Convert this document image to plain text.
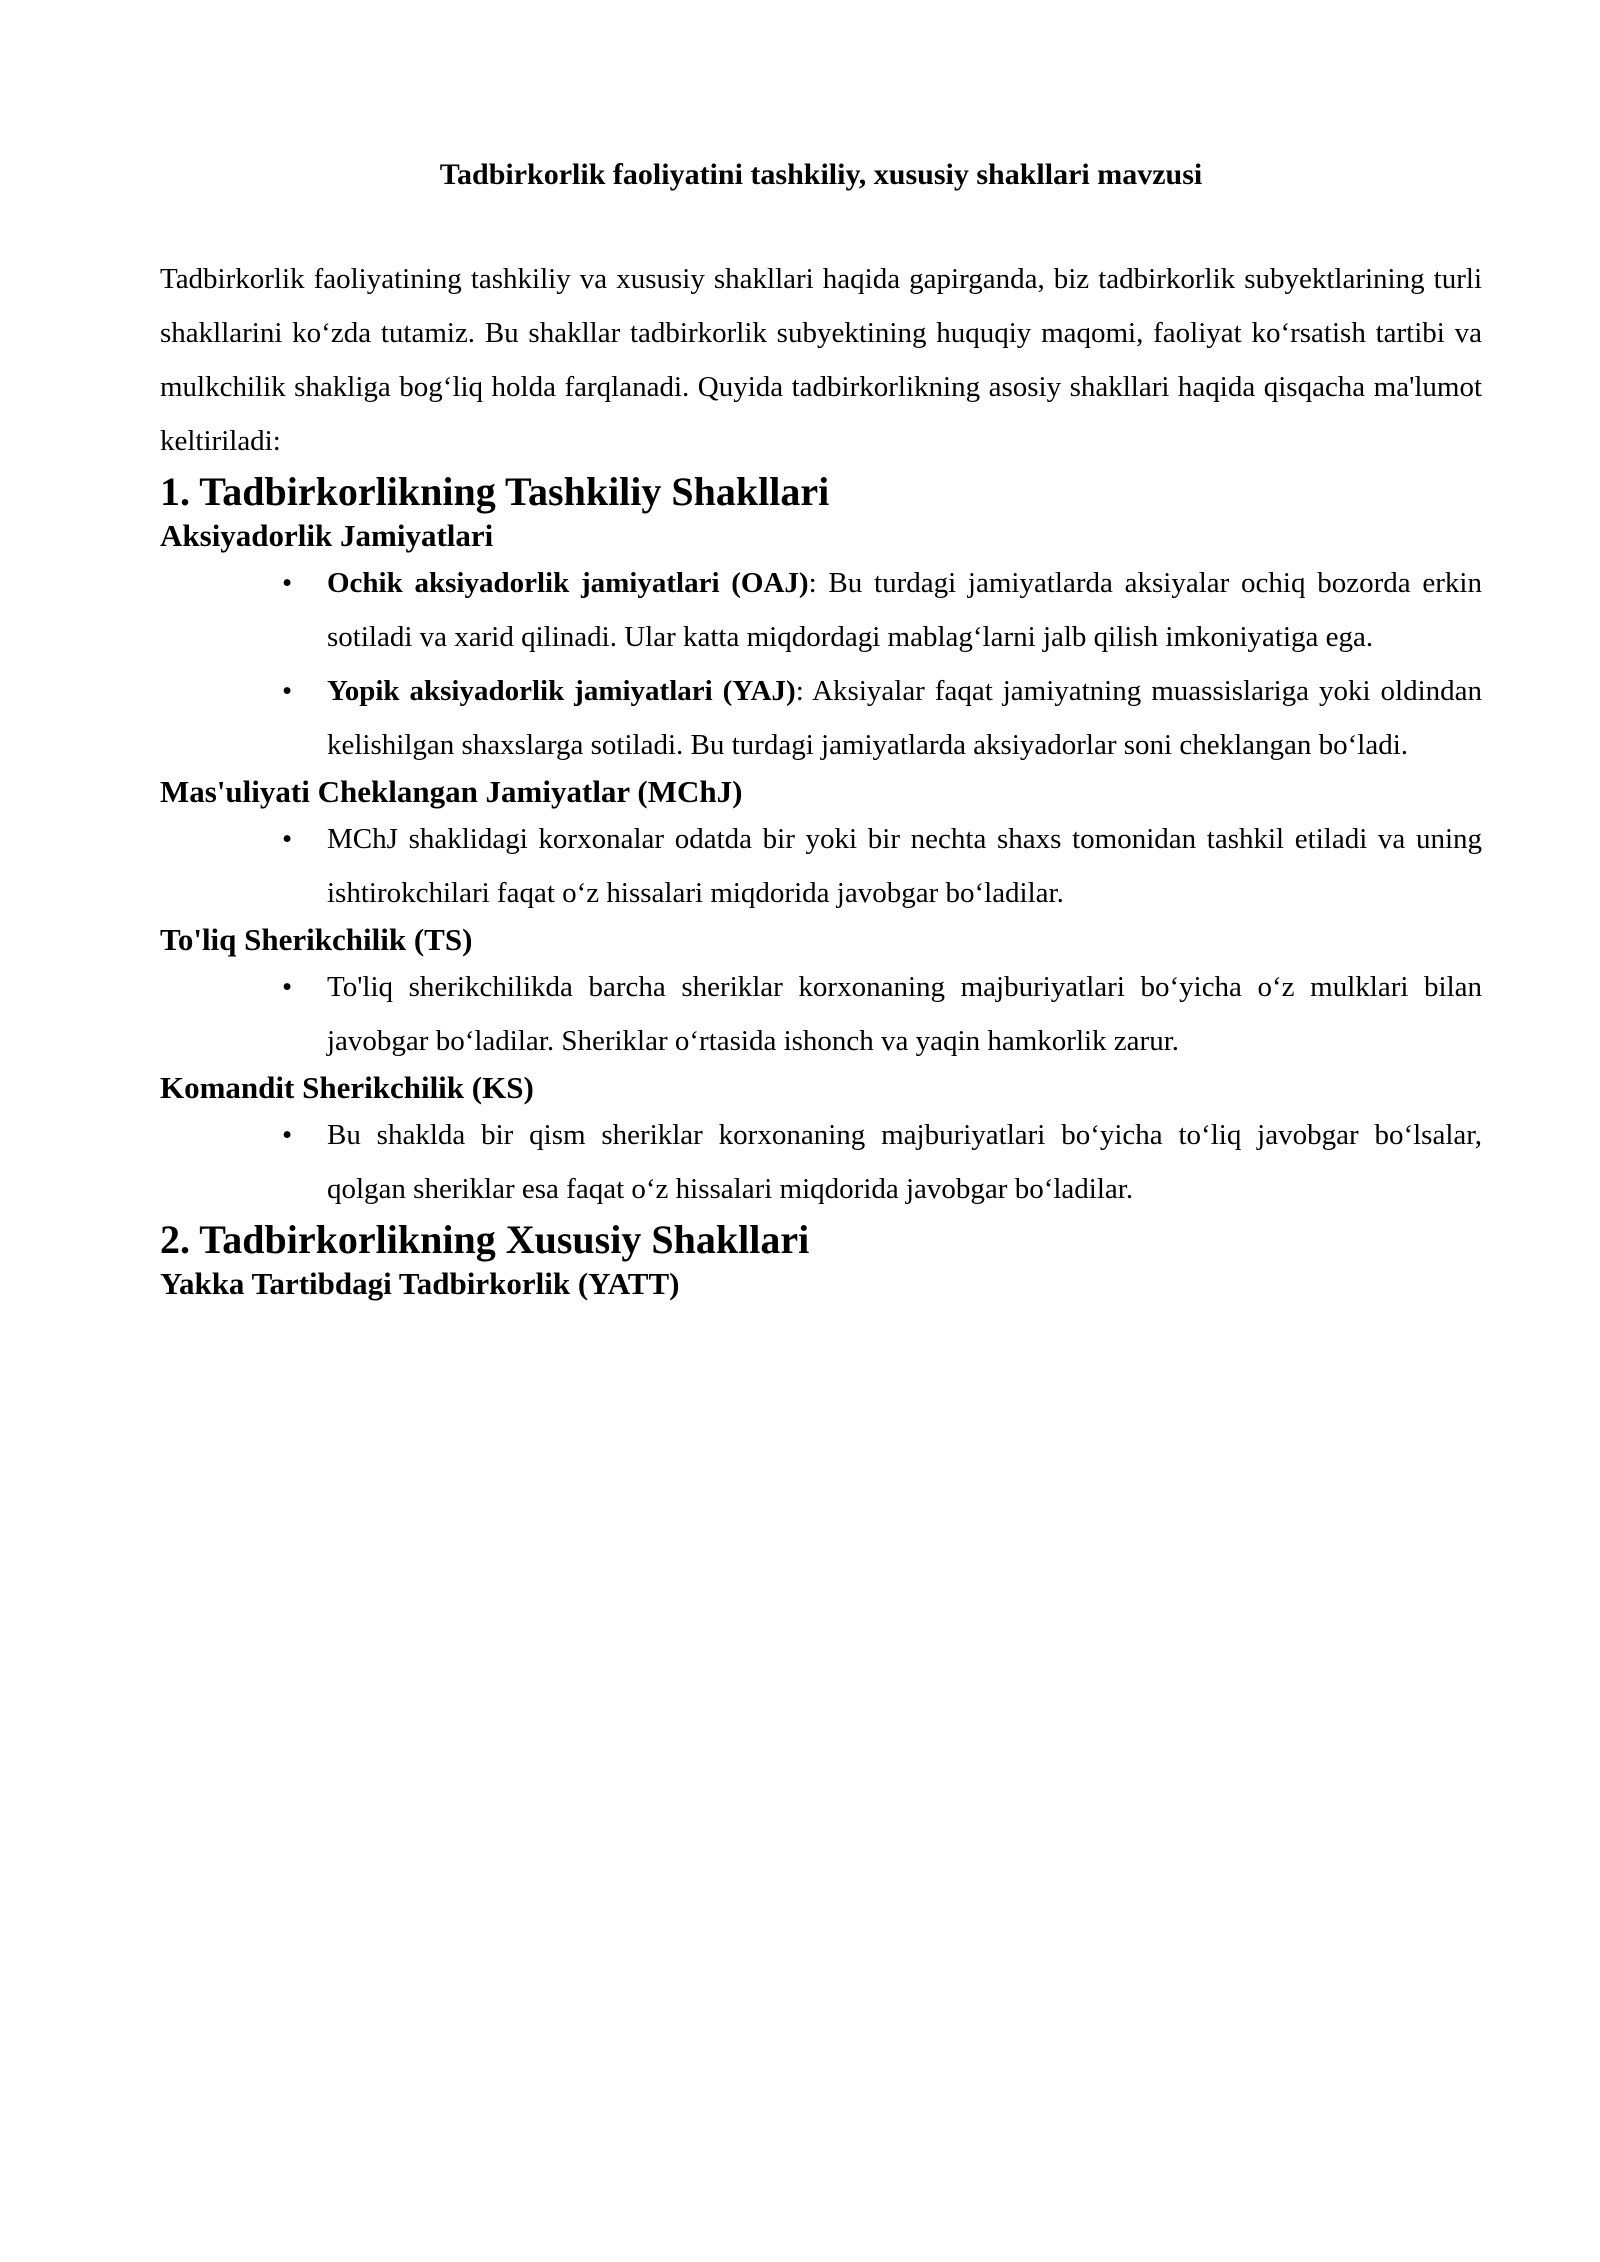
Tadbirkorlik faoliyatini tashkiliy, xususiy shakllari mavzusi

Tadbirkorlik faoliyatining tashkiliy va xususiy shakllari haqida gapirganda, biz tadbirkorlik subyektlarining turli shakllarini koʻzda tutamiz. Bu shakllar tadbirkorlik subyektining huquqiy maqomi, faoliyat koʻrsatish tartibi va mulkchilik shakliga bogʻliq holda farqlanadi. Quyida tadbirkorlikning asosiy shakllari haqida qisqacha ma'lumot keltiriladi:

1. Tadbirkorlikning Tashkiliy Shakllari
Aksiyadorlik Jamiyatlari
• Ochik aksiyadorlik jamiyatlari (OAJ): Bu turdagi jamiyatlarda aksiyalar ochiq bozorda erkin sotiladi va xarid qilinadi. Ular katta miqdordagi mablagʻlarni jalb qilish imkoniyatiga ega.
• Yopik aksiyadorlik jamiyatlari (YAJ): Aksiyalar faqat jamiyatning muassislariga yoki oldindan kelishilgan shaxslarga sotiladi. Bu turdagi jamiyatlarda aksiyadorlar soni cheklangan boʻladi.
Mas'uliyati Cheklangan Jamiyatlar (MChJ)
• MChJ shaklidagi korxonalar odatda bir yoki bir nechta shaxs tomonidan tashkil etiladi va uning ishtirokchilari faqat oʻz hissalari miqdorida javobgar boʻladilar.
To'liq Sherikchilik (TS)
• To'liq sherikchilikda barcha sheriklar korxonaning majburiyatlari boʻyicha oʻz mulklari bilan javobgar boʻladilar. Sheriklar oʻrtasida ishonch va yaqin hamkorlik zarur.
Komandit Sherikchilik (KS)
• Bu shaklda bir qism sheriklar korxonaning majburiyatlari boʻyicha toʻliq javobgar boʻlsalar, qolgan sheriklar esa faqat oʻz hissalari miqdorida javobgar boʻladilar.
2. Tadbirkorlikning Xususiy Shakllari
Yakka Tartibdagi Tadbirkorlik (YATT)
